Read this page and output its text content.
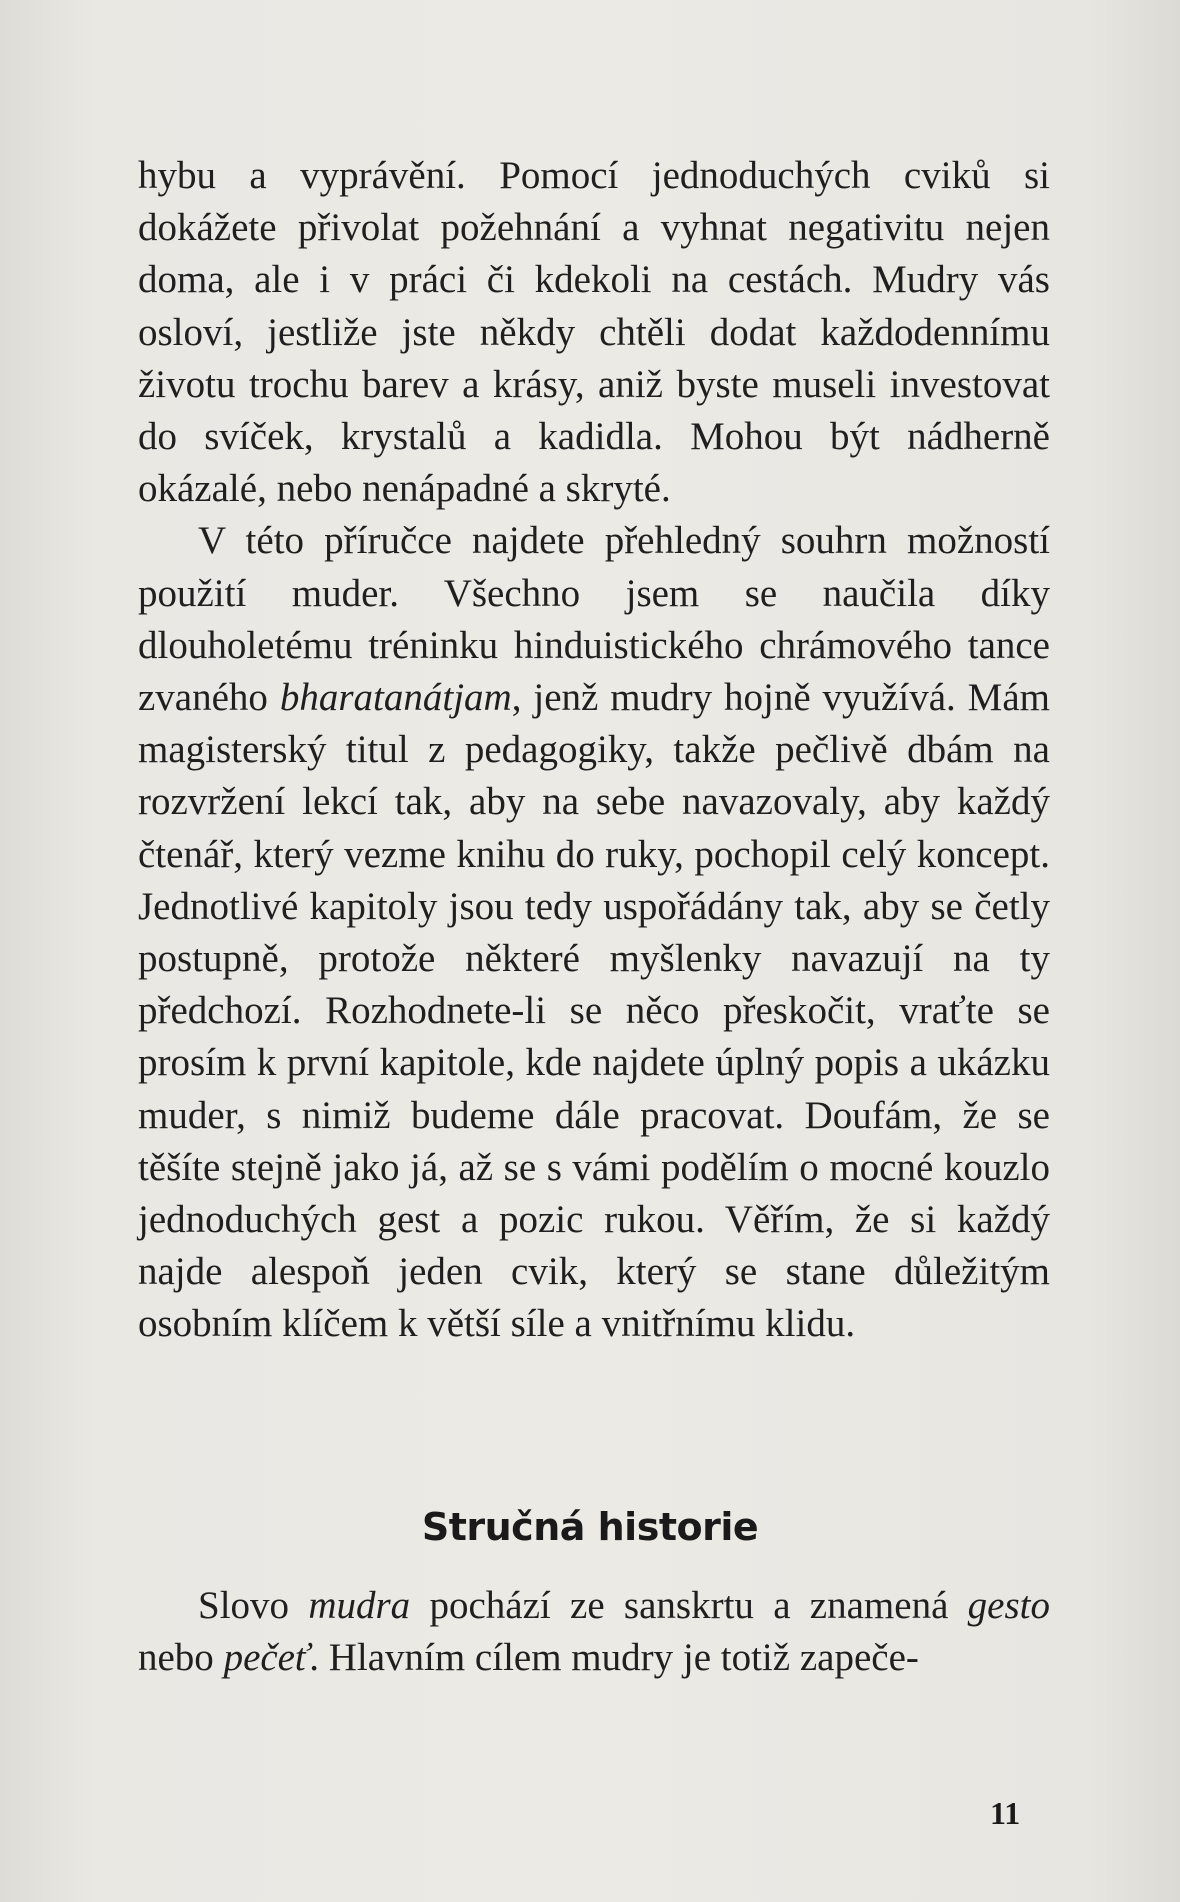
hybu a vyprávění. Pomocí jednoduchých cviků si dokážete přivolat požehnání a vyhnat negativitu nejen doma, ale i v práci či kdekoli na cestách. Mudry vás osloví, jestliže jste někdy chtěli dodat každodennímu životu trochu barev a krásy, aniž byste museli investovat do svíček, krystalů a kadidla. Mohou být nádherně okázalé, nebo nenápadné a skryté.

V této příručce najdete přehledný souhrn možností použití muder. Všechno jsem se naučila díky dlouholetému tréninku hinduistického chrámového tance zvaného bharatanátjam, jenž mudry hojně využívá. Mám magisterský titul z pedagogiky, takže pečlivě dbám na rozvržení lekcí tak, aby na sebe navazovaly, aby každý čtenář, který vezme knihu do ruky, pochopil celý koncept. Jednotlivé kapitoly jsou tedy uspořádány tak, aby se četly postupně, protože některé myšlenky navazují na ty předchozí. Rozhodnete-li se něco přeskočit, vraťte se prosím k první kapitole, kde najdete úplný popis a ukázku muder, s nimiž budeme dále pracovat. Doufám, že se těšíte stejně jako já, až se s vámi podělím o mocné kouzlo jednoduchých gest a pozic rukou. Věřím, že si každý najde alespoň jeden cvik, který se stane důležitým osobním klíčem k větší síle a vnitřnímu klidu.

Stručná historie

Slovo mudra pochází ze sanskrtu a znamená gesto nebo pečeť. Hlavním cílem mudry je totiž zapeče-

11
